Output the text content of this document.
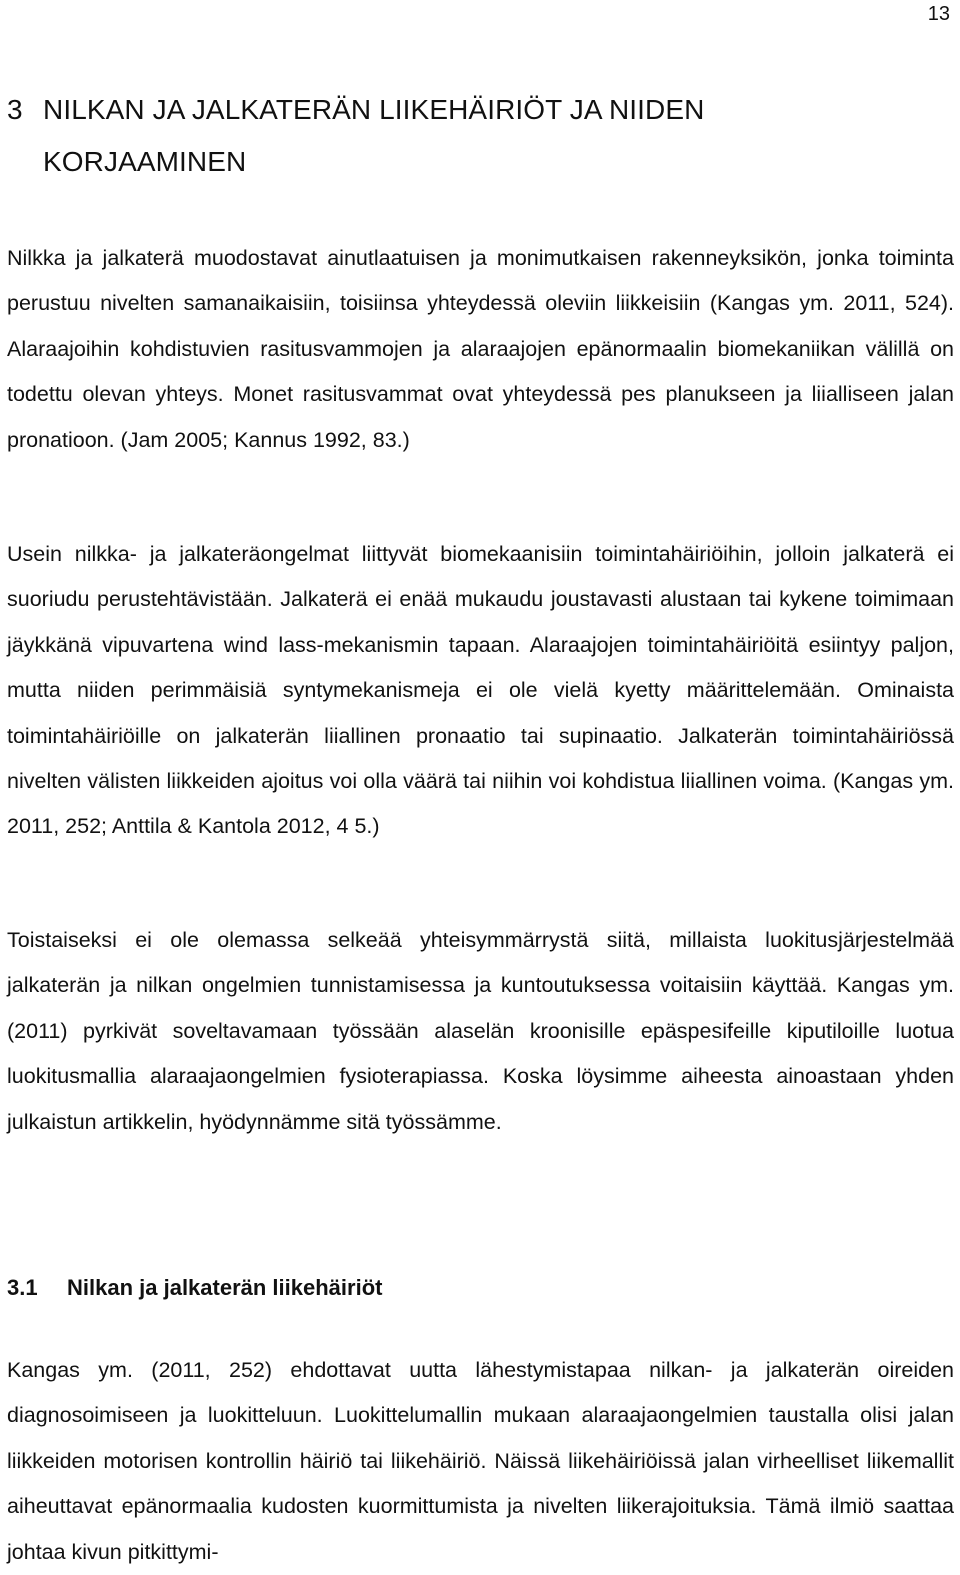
13
3 NILKAN JA JALKATERÄN LIIKEHÄIRIÖT JA NIIDEN
KORJAAMINEN

Nilkka ja jalkaterä muodostavat ainutlaatuisen ja monimutkaisen rakenneyksikön, jonka toiminta perustuu nivelten samanaikaisiin, toisiinsa yhteydessä oleviin liikkeisiin (Kangas ym. 2011, 524). Alaraajoihin kohdistuvien rasitusvammojen ja alaraajojen epänormaalin biomekaniikan välillä on todettu olevan yhteys. Monet rasitusvammat ovat yhteydessä pes planukseen ja liialliseen jalan pronatioon. (Jam 2005; Kannus 1992, 83.)

Usein nilkka- ja jalkateräongelmat liittyvät biomekaanisiin toimintahäiriöihin, jolloin jalkaterä ei suoriudu perustehtävistään. Jalkaterä ei enää mukaudu joustavasti alustaan tai kykene toimimaan jäykkänä vipuvartena wind lass-mekanismin tapaan. Alaraajojen toimintahäiriöitä esiintyy paljon, mutta niiden perimmäisiä syntymekanismeja ei ole vielä kyetty määrittelemään. Ominaista toimintahäiriöille on jalkaterän liiallinen pronaatio tai supinaatio. Jalkaterän toimintahäiriössä nivelten välisten liikkeiden ajoitus voi olla väärä tai niihin voi kohdistua liiallinen voima. (Kangas ym. 2011, 252; Anttila & Kantola 2012, 4 5.)

Toistaiseksi ei ole olemassa selkeää yhteisymmärrystä siitä, millaista luokitusjärjestelmää jalkaterän ja nilkan ongelmien tunnistamisessa ja kuntoutuksessa voitaisiin käyttää. Kangas ym. (2011) pyrkivät soveltavamaan työssään alaselän kroonisille epäspesifeille kiputiloille luotua luokitusmallia alaraajaongelmien fysioterapiassa. Koska löysimme aiheesta ainoastaan yhden julkaistun artikkelin, hyödynnämme sitä työssämme.

3.1 Nilkan ja jalkaterän liikehäiriöt

Kangas ym. (2011, 252) ehdottavat uutta lähestymistapaa nilkan- ja jalkaterän oireiden diagnosoimiseen ja luokitteluun. Luokittelumallin mukaan alaraajaongelmien taustalla olisi jalan liikkeiden motorisen kontrollin häiriö tai liikehäiriö. Näissä liikehäiriöissä jalan virheelliset liikemallit aiheuttavat epänormaalia kudosten kuormittumista ja nivelten liikerajoituksia. Tämä ilmiö saattaa johtaa kivun pitkittymi-
